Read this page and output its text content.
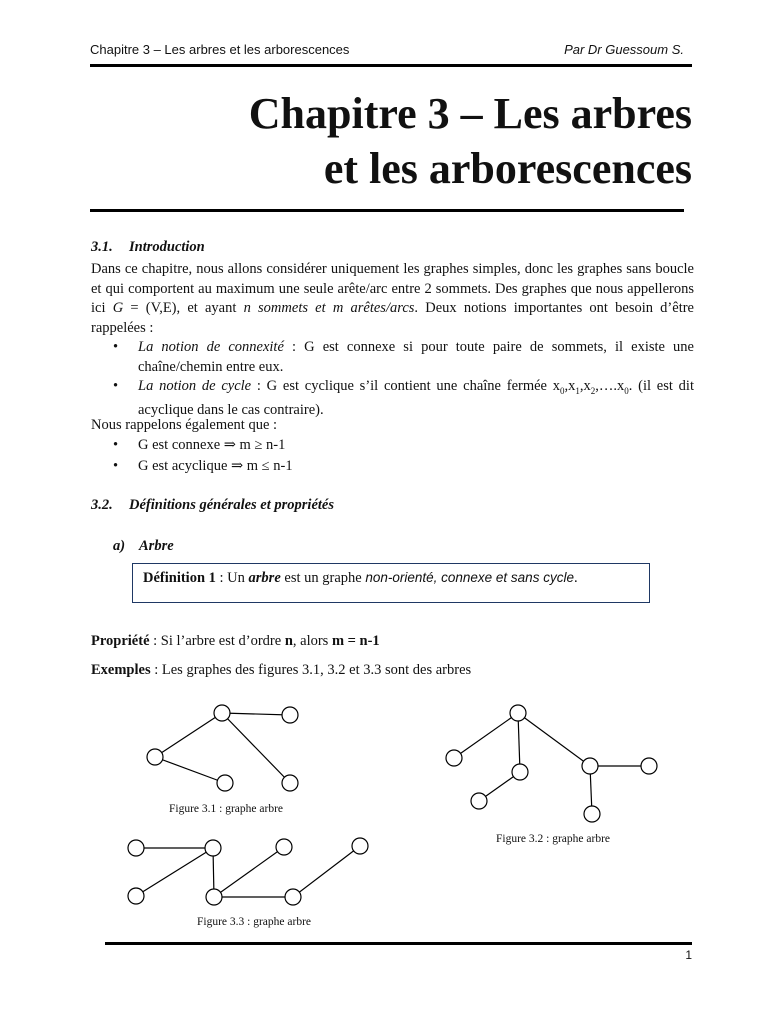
Chapitre 3 – Les arbres et les arborescences	Par Dr Guessoum S.
Chapitre 3 – Les arbres
et les arborescences
3.1. Introduction
Dans ce chapitre, nous allons considérer uniquement les graphes simples, donc les graphes sans boucle et qui comportent au maximum une seule arête/arc entre 2 sommets. Des graphes que nous appellerons ici G = (V,E), et ayant n sommets et m arêtes/arcs. Deux notions importantes ont besoin d’être rappelées :
• La notion de connexité : G est connexe si pour toute paire de sommets, il existe une chaîne/chemin entre eux.
• La notion de cycle : G est cyclique s’il contient une chaîne fermée $x_0,x_1,x_2,\dots.x_0$. (il est dit acyclique dans le cas contraire).
Nous rappelons également que :
• G est connexe ⇒ m ≥ n-1
• G est acyclique ⇒ m ≤ n-1
3.2. Définitions générales et propriétés
a) Arbre
Définition 1 : Un arbre est un graphe non-orienté, connexe et sans cycle.
Propriété : Si l’arbre est d’ordre n, alors m = n-1
Exemples : Les graphes des figures 3.1, 3.2 et 3.3 sont des arbres
Figure 3.1 : graphe arbre
Figure 3.2 : graphe arbre
Figure 3.3 : graphe arbre
1
